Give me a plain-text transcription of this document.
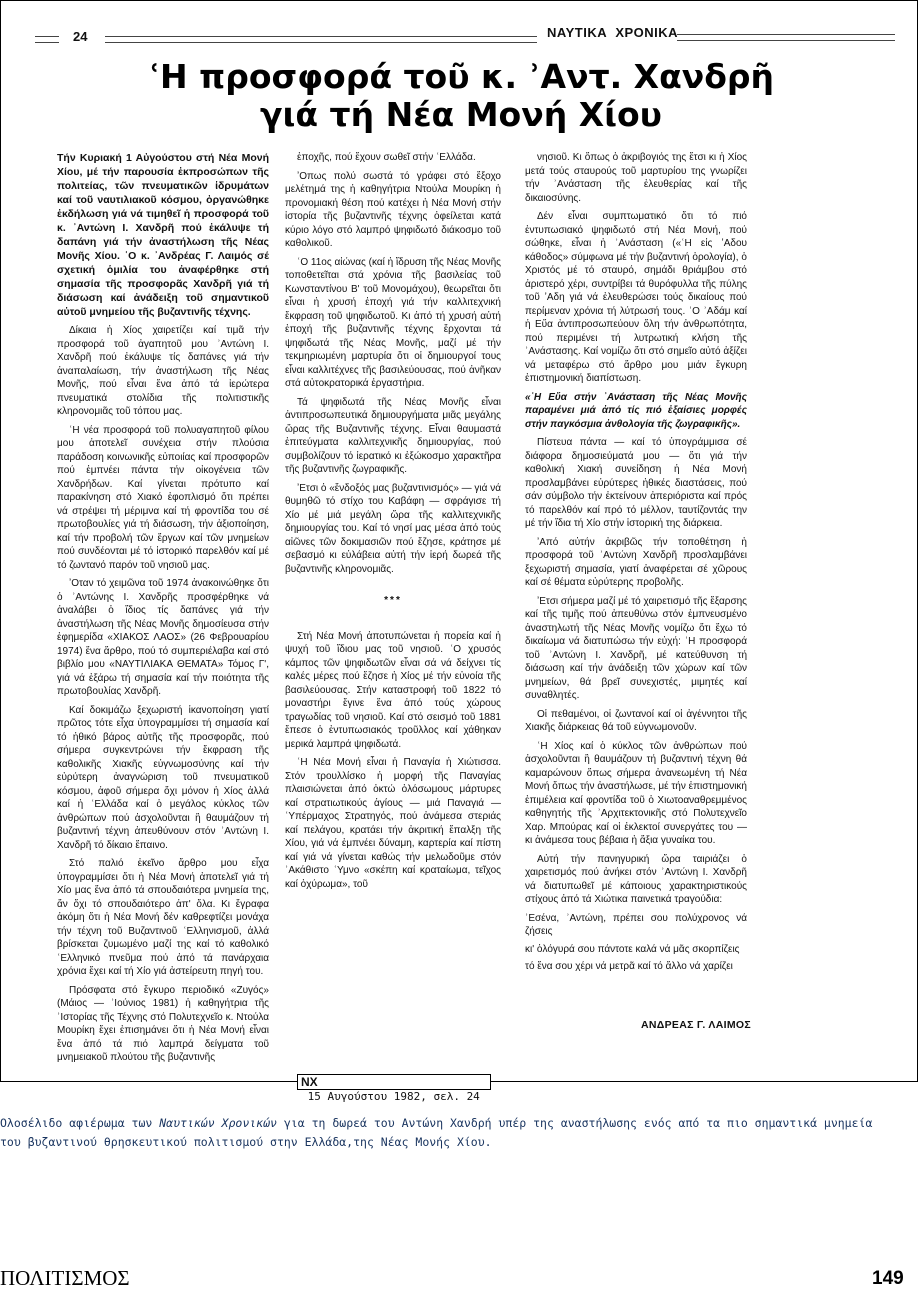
24	ΝΑΥΤΙΚΑ  ΧΡΟΝΙΚΑ
ʿΗ προσφορά τοῦ κ. ʾΑντ. Χανδρῆ
γιά τή Νέα Μονή Χίου

Τήν Κυριακή 1 Αὐγούστου στή Νέα Μονή Χίου, μέ τήν παρουσία ἐκπροσώπων τῆς πολιτείας, τῶν πνευματικῶν ἱδρυμάτων καί τοῦ ναυτιλιακοῦ κόσμου, ὀργανώθηκε ἐκδήλωση γιά νά τιμηθεῖ ἡ προσφορά τοῦ κ. ʾΑντώνη Ι. Χανδρῆ πού ἐκάλυψε τή δαπάνη γιά τήν ἀναστήλωση τῆς Νέας Μονῆς Χίου. ʿΟ κ. ʾΑνδρέας Γ. Λαιμός σέ σχετική ὁμιλία του ἀναφέρθηκε στή σημασία τῆς προσφορᾶς Χανδρῆ γιά τή διάσωση καί ἀνάδειξη τοῦ σημαντικοῦ αὐτοῦ μνημείου τῆς βυζαντινῆς τέχνης.

Δίκαια ἡ Χίος χαιρετίζει καί τιμᾶ τήν προσφορά τοῦ ἀγαπητοῦ μου ʾΑντώνη Ι. Χανδρῆ πού ἐκάλυψε τίς δαπάνες γιά τήν ἀναπαλαίωση, τήν ἀναστήλωση τῆς Νέας Μονῆς, πού εἶναι ἕνα ἀπό τά ἱερώτερα πνευματικά στολίδια τῆς πολιτιστικῆς κληρονομιᾶς τοῦ τόπου μας.

ʿΗ νέα προσφορά τοῦ πολυαγαπητοῦ φίλου μου ἀποτελεῖ συνέχεια στήν πλούσια παράδοση κοινωνικῆς εὐποιίας καί προσφορῶν πού ἐμπνέει πάντα τήν οἰκογένεια τῶν Χανδρήδων. Καί γίνεται πρότυπο καί παρακίνηση στό Χιακό ἐφοπλισμό ὅτι πρέπει νά στρέψει τή μέριμνα καί τή φροντίδα του σέ πρωτοβουλίες γιά τή διάσωση, τήν ἀξιοποίηση, καί τήν προβολή τῶν ἔργων καί τῶν μνημείων πού συνδέονται μέ τό ἱστορικό παρελθόν καί μέ τό ζωντανό παρόν τοῦ νησιοῦ μας.

ʼΟταν τό χειμῶνα τοῦ 1974 ἀνακοινώθηκε ὅτι ὁ ʾΑντώνης Ι. Χανδρῆς προσφέρθηκε νά ἀναλάβει ὁ ἴδιος τίς δαπάνες γιά τήν ἀναστήλωση τῆς Νέας Μονῆς δημοσίευσα στήν ἐφημερίδα «ΧΙΑΚΟΣ ΛΑΟΣ» (26 Φεβρουαρίου 1974) ἕνα ἄρθρο, πού τό συμπεριέλαβα καί στό βιβλίο μου «ΝΑΥΤΙΛΙΑΚΑ ΘΕΜΑΤΑ» Τόμος Γ', γιά νά ἐξάρω τή σημασία καί τήν ποιότητα τῆς πρωτοβουλίας Χανδρῆ.

Καί δοκιμάζω ξεχωριστή ἱκανοποίηση γιατί πρῶτος τότε εἶχα ὑπογραμμίσει τή σημασία καί τό ἠθικό βάρος αὐτῆς τῆς προσφορᾶς, πού σήμερα συγκεντρώνει τήν ἔκφραση τῆς καθολικῆς Χιακῆς εὐγνωμοσύνης καί τήν εὐρύτερη ἀναγνώριση τοῦ πνευματικοῦ κόσμου, ἀφοῦ σήμερα ὄχι μόνον ἡ Χίος ἀλλά καί ἡ ʿΕλλάδα καί ὁ μεγάλος κύκλος τῶν ἀνθρώπων πού ἀσχολοῦνται ἢ θαυμάζουν τή βυζαντινή τέχνη ἀπευθύνουν στόν ʾΑντώνη Ι. Χανδρῆ τό δίκαιο ἔπαινο.

Στό παλιό ἐκεῖνο ἄρθρο μου εἶχα ὑπογραμμίσει ὅτι ἡ Νέα Μονή ἀποτελεῖ γιά τή Χίο μας ἕνα ἀπό τά σπουδαιότερα μνημεία της, ἄν ὄχι τό σπουδαιότερο ἀπ' ὅλα. Κι ἔγραφα ἀκόμη ὅτι ἡ Νέα Μονή δέν καθρεφτίζει μονάχα τήν τέχνη τοῦ Βυζαντινοῦ ʿΕλληνισμοῦ, ἀλλά βρίσκεται ζυμωμένο μαζί της καί τό καθολικό ʿΕλληνικό πνεῦμα πού ἀπό τά πανάρχαια χρόνια ἔχει καί τή Χίο γιά ἀστείρευτη πηγή του.

Πρόσφατα στό ἔγκυρο περιοδικό «Ζυγός» (Μάιος — ʾΙούνιος 1981) ἡ καθηγήτρια τῆς ʾΙστορίας τῆς Τέχνης στό Πολυτεχνεῖο κ. Ντούλα Μουρίκη ἔχει ἐπισημάνει ὅτι ἡ Νέα Μονή εἶναι ἕνα ἀπό τά πιό λαμπρά δείγματα τοῦ μνημειακοῦ πλούτου τῆς βυζαντινῆς

ἐποχῆς, πού ἔχουν σωθεῖ στήν ʿΕλλάδα.

ʼΟπως πολύ σωστά τό γράφει στό ἔξοχο μελέτημά της ἡ καθηγήτρια Ντούλα Μουρίκη ἡ προνομιακή θέση πού κατέχει ἡ Νέα Μονή στήν ἱστορία τῆς βυζαντινῆς τέχνης ὀφείλεται κατά κύριο λόγο στό λαμπρό ψηφιδωτό διάκοσμο τοῦ καθολικοῦ.

ʿΟ 11ος αἰώνας (καί ἡ ἵδρυση τῆς Νέας Μονῆς τοποθετεῖται στά χρόνια τῆς βασιλείας τοῦ Κωνσταντίνου Β' τοῦ Μονομάχου), θεωρεῖται ὅτι εἶναι ἡ χρυσή ἐποχή γιά τήν καλλιτεχνική ἔκφραση τοῦ ψηφιδωτοῦ. Κι ἀπό τή χρυσή αὐτή ἐποχή τῆς βυζαντινῆς τέχνης ἔρχονται τά ψηφιδωτά τῆς Νέας Μονῆς, μαζί μέ τήν τεκμηριωμένη μαρτυρία ὅτι οἱ δημιουργοί τους εἶναι καλλιτέχνες τῆς βασιλεύουσας, πού ἀνῆκαν στά αὐτοκρατορικά ἐργαστήρια.

Τά ψηφιδωτά τῆς Νέας Μονῆς εἶναι ἀντιπροσωπευτικά δημιουργήματα μιᾶς μεγάλης ὥρας τῆς Βυζαντινῆς τέχνης. Εἶναι θαυμαστά ἐπιτεύγματα καλλιτεχνικῆς δημιουργίας, πού συμβολίζουν τό ἱερατικό κι ἐξώκοσμο χαρακτῆρα τῆς βυζαντινῆς ζωγραφικῆς.

ʼΕτσι ὁ «ἔνδοξός μας βυζαντινισμός» — γιά νά θυμηθῶ τό στίχο του Καβάφη — σφράγισε τή Χίο μέ μιά μεγάλη ὥρα τῆς καλλιτεχνικῆς δημιουργίας του. Καί τό νησί μας μέσα ἀπό τούς αἰῶνες τῶν δοκιμασιῶν πού ἔζησε, κράτησε μέ σεβασμό κι εὐλάβεια αὐτή τήν ἱερή δωρεά τῆς βυζαντινῆς κληρονομιᾶς.

***

Στή Νέα Μονή ἀποτυπώνεται ἡ πορεία καί ἡ ψυχή τοῦ ἴδιου μας τοῦ νησιοῦ. ʿΟ χρυσός κάμπος τῶν ψηφιδωτῶν εἶναι σά νά δείχνει τίς καλές μέρες πού ἔζησε ἡ Χίος μέ τήν εὐνοία τῆς βασιλεύουσας. Στήν καταστροφή τοῦ 1822 τό μοναστήρι ἔγινε ἕνα ἀπό τούς χώρους τραγωδίας τοῦ νησιοῦ. Καί στό σεισμό τοῦ 1881 ἔπεσε ὁ ἐντυπωσιακός τροῦλλος καί χάθηκαν μερικά λαμπρά ψηφιδωτά.

ʿΗ Νέα Μονή εἶναι ἡ Παναγία ἡ Χιώτισσα. Στόν τρουλλίσκο ἡ μορφή τῆς Παναγίας πλαισιώνεται ἀπό ὀκτώ ὁλόσωμους μάρτυρες καί στρατιωτικούς ἁγίους — μιά Παναγιά — ʿΥπέρμαχος Στρατηγός, πού ἀνάμεσα στεριάς καί πελάγου, κρατάει τήν ἀκριτική ἔπαλξη τῆς Χίου, γιά νά ἐμπνέει δύναμη, καρτερία καί πίστη καί γιά νά γίνεται καθώς τήν μελωδοῦμε στόν ʾΑκάθιστο ʿΥμνο «σκέπη καί κραταίωμα, τεῖχος καί ὀχύρωμα», τοῦ

νησιοῦ. Κι ὅπως ὁ ἀκριβογιός της ἔτσι κι ἡ Χίος μετά τούς σταυρούς τοῦ μαρτυρίου της γνωρίζει τήν ʾΑνάσταση τῆς ἐλευθερίας καί τῆς δικαιοσύνης.

Δέν εἶναι συμπτωματικό ὅτι τό πιό ἐντυπωσιακό ψηφιδωτό στή Νέα Μονή, πού σώθηκε, εἶναι ἡ ʾΑνάσταση («ʿΗ εἰς ʼΑδου κάθοδος» σύμφωνα μέ τήν βυζαντινή ὁρολογία), ὁ Χριστός μέ τό σταυρό, σημάδι θριάμβου στό ἀριστερό χέρι, συντρίβει τά θυρόφυλλα τῆς πύλης τοῦ ʼΑδη γιά νά ἐλευθερώσει τούς δικαίους πού περίμεναν χρόνια τή λύτρωσή τους. ʿΟ ʾΑδάμ καί ἡ Εὔα ἀντιπροσωπεύουν ὅλη τήν ἀνθρωπότητα, πού περιμένει τή λυτρωτική κλήση τῆς ʾΑνάστασης. Καί νομίζω ὅτι στό σημεῖο αὐτό ἀξίζει νά μεταφέρω στό ἄρθρο μου μιάν ἔγκυρη ἐπιστημονική διαπίστωση.

«ʿΗ Εὔα στήν ʾΑνάσταση τῆς Νέας Μονῆς παραμένει μιά ἀπό τίς πιό ἐξαίσιες μορφές στήν παγκόσμια ἀνθολογία τῆς ζωγραφικῆς».

Πίστευα πάντα — καί τό ὑπογράμμισα σέ διάφορα δημοσιεύματά μου — ὅτι γιά τήν καθολική Χιακή συνείδηση ἡ Νέα Μονή προσλαμβάνει εὐρύτερες ἠθικές διαστάσεις, πού σάν σύμβολο τήν ἐκτείνουν ἀπεριόριστα καί πρός τό παρελθόν καί πρό τό μέλλον, ταυτίζοντάς την μέ τήν ἴδια τή Χίο στήν ἱστορική της διάρκεια.

ʼΑπό αὐτήν ἀκριβῶς τήν τοποθέτηση ἡ προσφορά τοῦ ʾΑντώνη Χανδρῆ προσλαμβάνει ξεχωριστή σημασία, γιατί ἀναφέρεται σέ χῶρους καί σέ θέματα εὐρύτερης προβολῆς.

ʼΕτσι σήμερα μαζί μέ τό χαιρετισμό τῆς ἔξαρσης καί τῆς τιμῆς πού ἀπευθύνω στόν ἐμπνευσμένο ἀναστηλωτή τῆς Νέας Μονῆς νομίζω ὅτι ἔχω τό δικαίωμα νά διατυπώσω τήν εὐχή: ʿΗ προσφορά τοῦ ʾΑντώνη Ι. Χανδρῆ, μέ κατεύθυνση τή διάσωση καί τήν ἀνάδειξη τῶν χώρων καί τῶν μνημείων, θά βρεῖ συνεχιστές, μιμητές καί συναθλητές.

Οἱ πεθαμένοι, οἱ ζωντανοί καί οἱ ἀγέννητοι τῆς Χιακῆς διάρκειας θά τοῦ εὐγνωμονοῦν.

ʿΗ Χίος καί ὁ κύκλος τῶν ἀνθρώπων πού ἀσχολοῦνται ἢ θαυμάζουν τή βυζαντινή τέχνη θά καμαρώνουν ὅπως σήμερα ἀνανεωμένη τή Νέα Μονή ὅπως τήν ἀναστήλωσε, μέ τήν ἐπιστημονική ἐπιμέλεια καί φροντίδα τοῦ ὁ Χιωτοαναθρεμμένος καθηγητής τῆς ʾΑρχιτεκτονικῆς στό Πολυτεχνεῖο Χαρ. Μπούρας καί οἱ ἐκλεκτοί συνεργάτες του — κι ἀνάμεσα τους βέβαια ἡ ἄξια γυναίκα του.

Αὐτή τήν πανηγυρική ὥρα ταιριάζει ὁ χαιρετισμός πού ἀνήκει στόν ʾΑντώνη Ι. Χανδρῆ νά διατυπωθεῖ μέ κάποιους χαρακτηριστικούς στίχους ἀπό τά Χιώτικα παινετικά τραγούδια:

ʾΕσένα, ʾΑντώνη, πρέπει σου πολύχρονος νά ζήσεις

κι' ὁλόγυρά σου πάντοτε καλά νά μᾶς σκορπίζεις

τό ἕνα σου χέρι νά μετρᾶ καί τό ἄλλο νά χαρίζει

ΑΝΔΡΕΑΣ Γ. ΛΑΙΜΟΣ
NX 15 Αυγούστου 1982, σελ. 24
Ολοσέλιδο αφιέρωμα των Ναυτικών Χρονικών για τη δωρεά του Αντώνη Χανδρή υπέρ της αναστήλωσης ενός από τα πιο σημαντικά μνημεία του βυζαντινού θρησκευτικού πολιτισμού στην Ελλάδα,της Νέας Μονής Χίου.
ΠΟΛΙΤΙΣΜΟΣ	149
